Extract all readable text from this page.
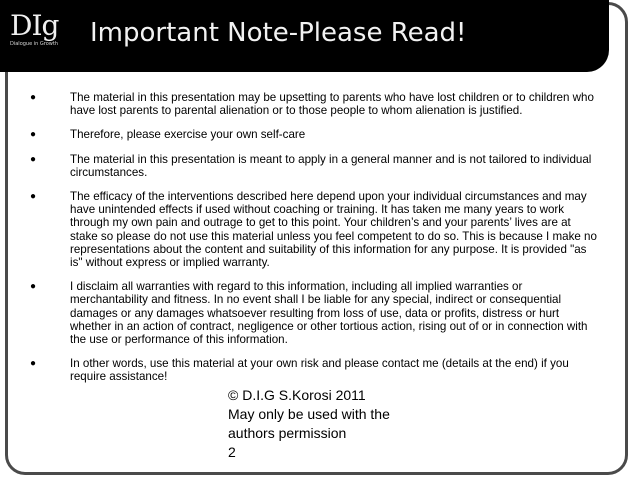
DIg
Dialogue in Growth	Important Note-Please Read!
●	The material in this presentation may be upsetting to parents who have lost children or to children who have lost parents to parental alienation or to those people to whom alienation is justified.
●	Therefore, please exercise your own self-care
●	The material in this presentation is meant to apply in a general manner and is not tailored to individual circumstances.
●	The efficacy of the interventions described here depend upon your individual circumstances and may have unintended effects if used without coaching or training. It has taken me many years to work through my own pain and outrage to get to this point. Your children’s and your parents’ lives are at stake so please do not use this material unless you feel competent to do so. This is because I make no representations about the content and suitability of this information for any purpose. It is provided "as is" without express or implied warranty.
●	I disclaim all warranties with regard to this information, including all implied warranties or merchantability and fitness. In no event shall I be liable for any special, indirect or consequential damages or any damages whatsoever resulting from loss of use, data or profits, distress or hurt whether in an action of contract, negligence or other tortious action, rising out of or in connection with the use or performance of this information.
●	In other words, use this material at your own risk and please contact me (details at the end) if you require assistance!
© D.I.G S.Korosi 2011
May only be used with the
authors permission
2
